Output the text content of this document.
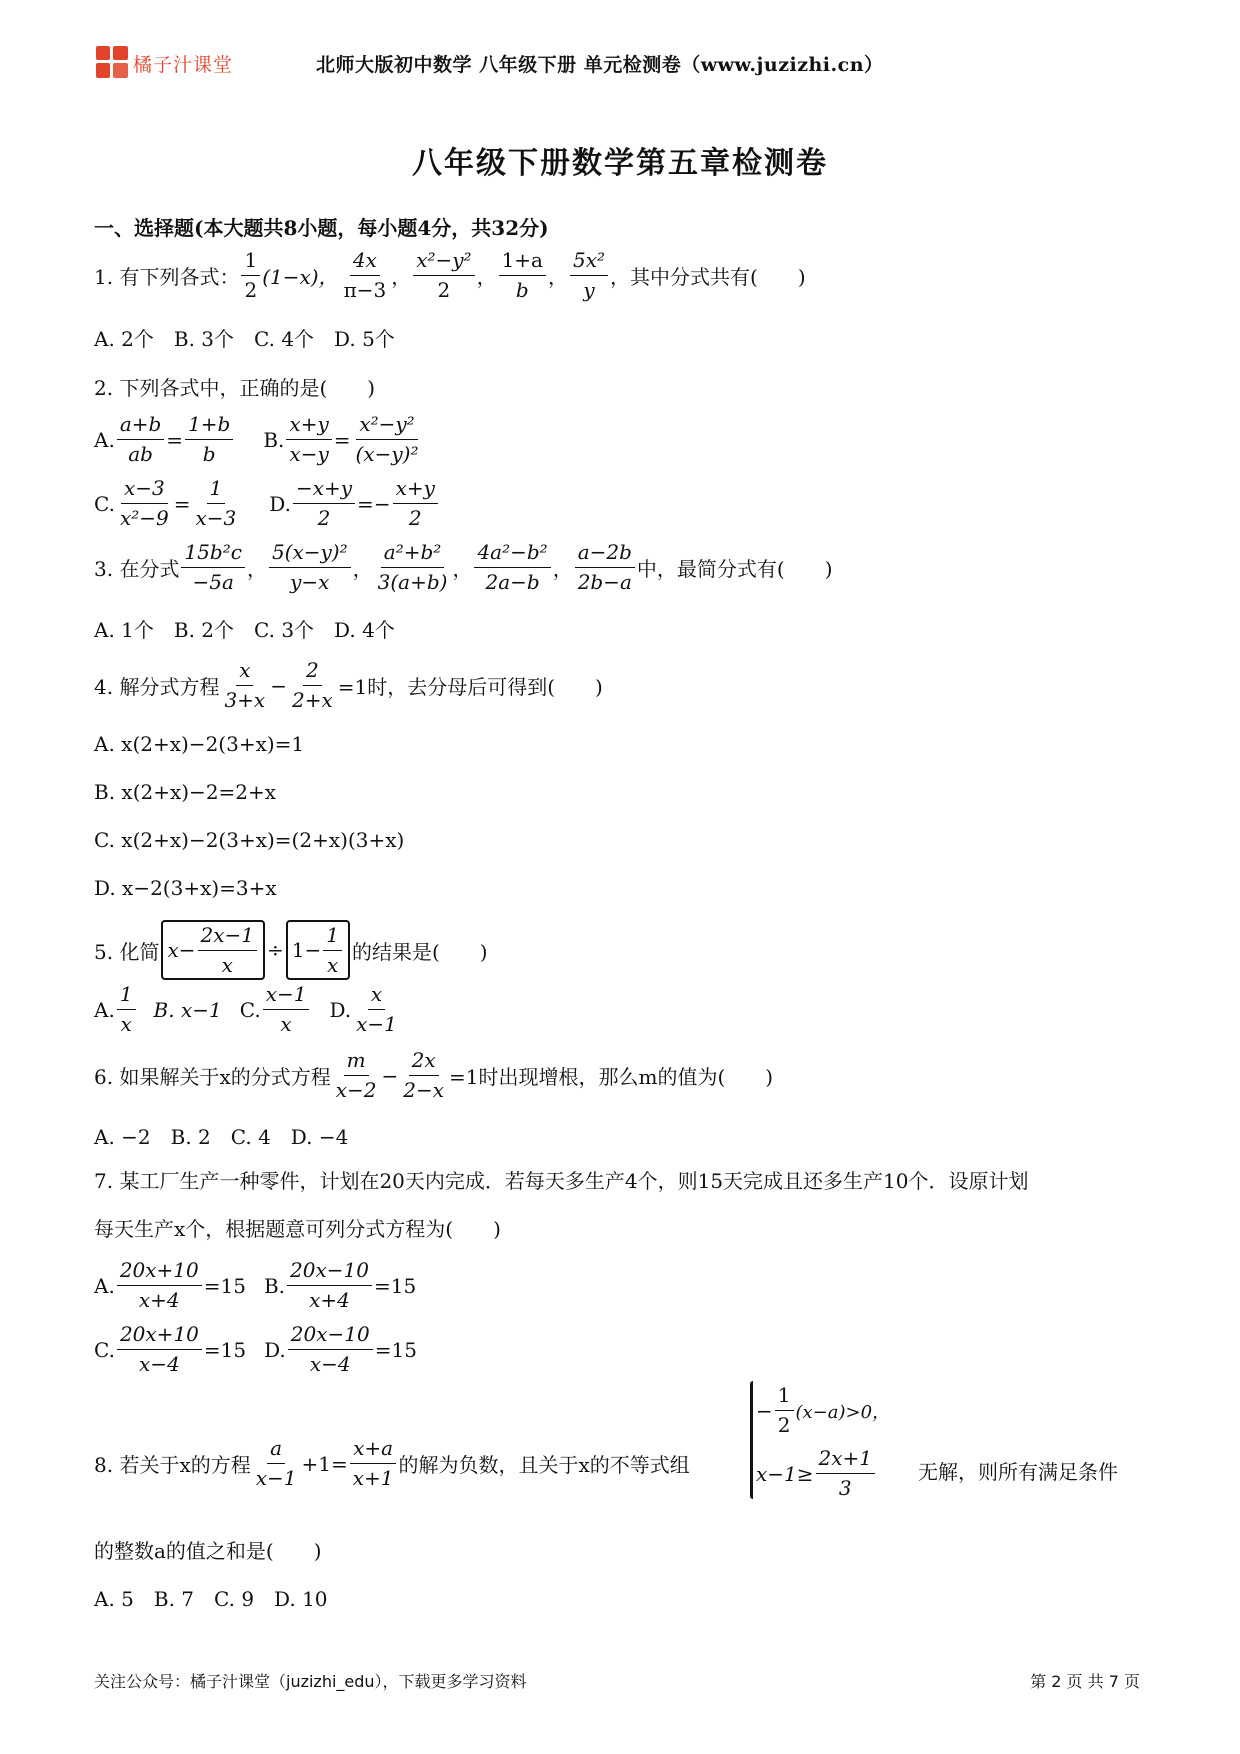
橘子汁课堂	北师大版初中数学 八年级下册 单元检测卷（www.juzizhi.cn）
八年级下册数学第五章检测卷
一、选择题(本大题共8小题，每小题4分，共32分)
1. 有下列各式： $\frac{1}{2} (1-x)$， $\frac{4x}{\pi-3}$ ， $\frac{\text{x²−y²}}{2}$ ， $\frac{1+a}{b}$ ， $\frac{\text{5x²}}{y}$ ，其中分式共有(　　)
A. 2个　B. 3个　C. 4个　D. 5个
2. 下列各式中，正确的是(　　)
A. $\frac{a+b}{ab} = \frac{1+b}{b} B$. $\frac{x+y}{x-y} = \frac{\text{x²−y²}}{\text{(x−y)²}}$
C. $\frac{x-3}{\text{x²−9}} = \frac{1}{x-3} D$. $\frac{-x+y}{2}$ = − $\frac{x+y}{2}$
3. 在分式 $\frac{\text{15b²c}}{-5a}$ ， $\frac{\text{5(x−y)²}}{y-x}$ ， $\frac{\text{a²+b²}}{3(a+b)}$ ， $\frac{\text{4a²−b²}}{2a-b}$ ， $\frac{a-2b}{2b-a}$ 中，最简分式有(　　)
A. 1个　B. 2个　C. 3个　D. 4个
4. 解分式方程 $\frac{x}{3+x} - \frac{2}{2+x} =1$时，去分母后可得到(　　)
A. x(2+x)−2(3+x)=1
B. x(2+x)−2=2+x
C. x(2+x)−2(3+x)=(2+x)(3+x)
D. x−2(3+x)=3+x
5. 化简 $x- \frac{2x-1}{x} \div 1- \frac{1}{x}$ 的结果是(　　)
A. $\frac{1}{x} B$. x−1 C. $\frac{x-1}{x} D$. $\frac{x}{x-1}$
6. 如果解关于x的分式方程 $\frac{m}{x-2} - \frac{2x}{2-x} =1$时出现增根，那么m的值为(　　)
A. −2　B. 2　C. 4　D. −4
7. 某工厂生产一种零件，计划在20天内完成．若每天多生产4个，则15天完成且还多生产10个．设原计划
每天生产x个，根据题意可列分式方程为(　　)
A. $\frac{20x+10}{x+4} =15$ B. $\frac{20x-10}{x+4} =15$
C. $\frac{20x+10}{x-4} =15$ D. $\frac{20x-10}{x-4} =15$
8. 若关于x的方程 $\frac{a}{x-1} +1= \frac{x+a}{x+1}$ 的解为负数，且关于x的不等式组
− $\frac{1}{2} (x-a)>0$，
$x-1\ge \frac{2x+1}{3}$ 无解，则所有满足条件
的整数a的值之和是(　　)
A. 5　B. 7　C. 9　D. 10
关注公众号：橘子汁课堂（juzizhi_edu），下载更多学习资料	第 2 页 共 7 页
